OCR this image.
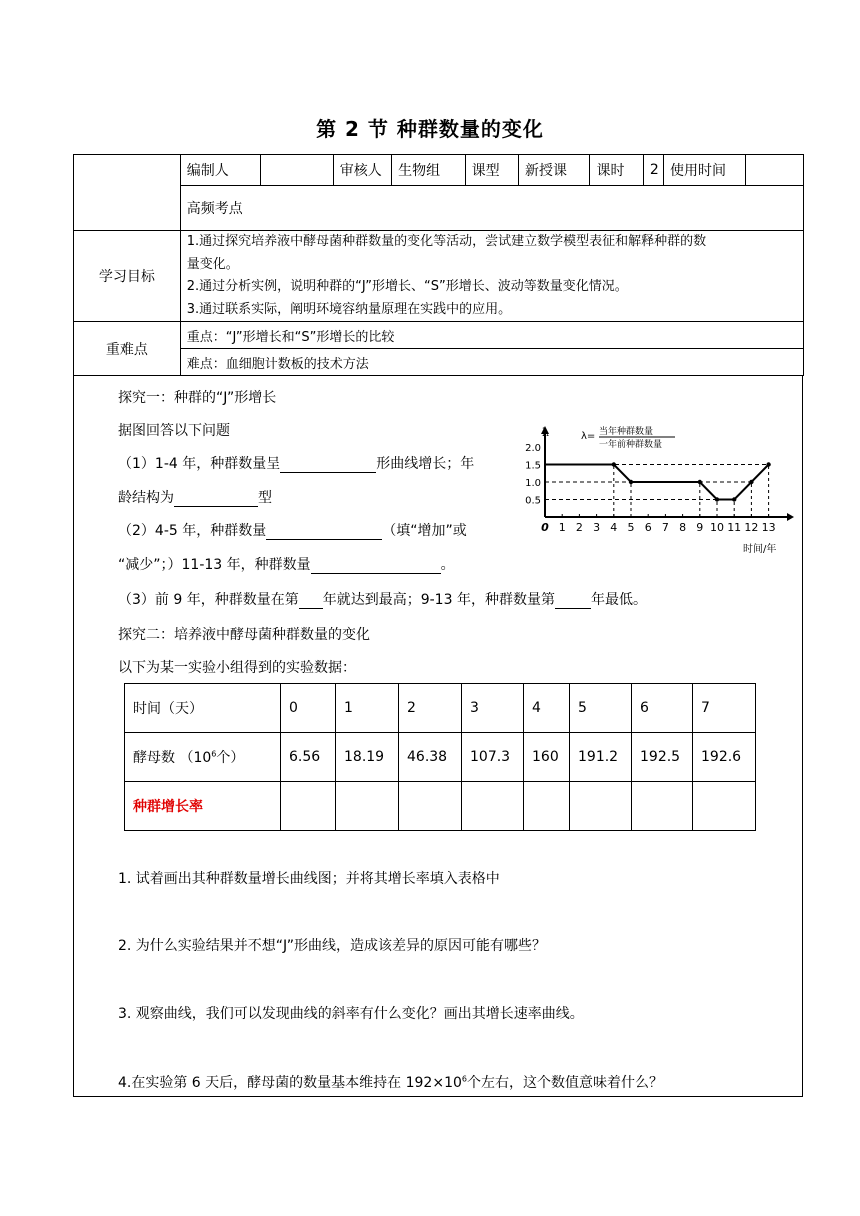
第 2 节 种群数量的变化
	编制人		审核人	生物组	课型	新授课	课时	2	使用时间	
	高频考点									
学习目标	1.通过探究培养液中酵母菌种群数量的变化等活动，尝试建立数学模型表征和解释种群的数
量变化。
2.通过分析实例，说明种群的“J”形增长、“S”形增长、波动等数量变化情况。
3.通过联系实际，阐明环境容纳量原理在实践中的应用。									

重难点	重点：“J”形增长和“S”形增长的比较									
	难点：血细胞计数板的技术方法									
探究一：种群的“J”形增长
据图回答以下问题
（1）1-4 年，种群数量呈	形曲线增长；年
龄结构为	型
（2）4-5 年，种群数量	（填“增加”或
“减少”；）11-13 年，种群数量	。
（3）前 9 年，种群数量在第 年就达到最高；9-13 年，种群数量第	年最低。
λ= 当年种群数量
一年前种群数量
0 1 2 3 4 5 6 7 8 9 10 11 12 13
2.0
1.5
1.0
0.5
时间/年
探究二：培养液中酵母菌种群数量的变化
以下为某一实验小组得到的实验数据：
时间（天）	0	1	2	3	4	5	6	7
酵母数 （$10^6$个）	6.56	18.19	46.38	107.3	160	191.2	192.5	192.6
种群增长率								
1. 试着画出其种群数量增长曲线图；并将其增长率填入表格中
2. 为什么实验结果并不想“J”形曲线，造成该差异的原因可能有哪些？
3. 观察曲线，我们可以发现曲线的斜率有什么变化？画出其增长速率曲线。
4.在实验第 6 天后，酵母菌的数量基本维持在 $192\times 10^6$个左右，这个数值意味着什么？
